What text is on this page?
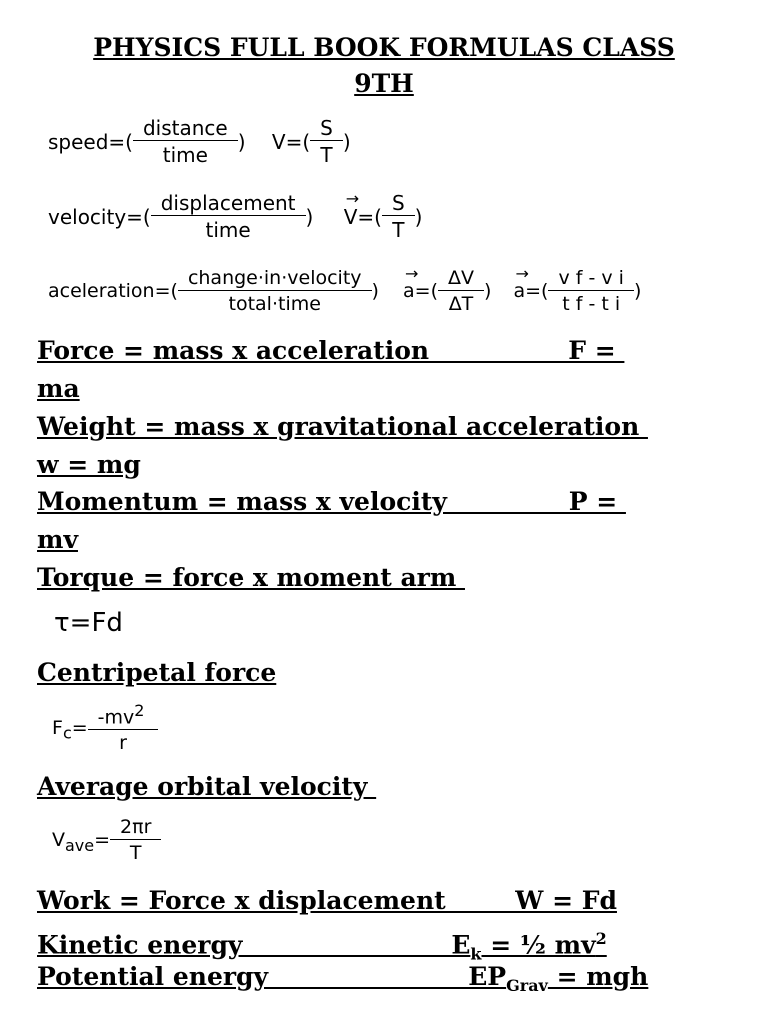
PHYSICS FULL BOOK FORMULAS CLASS
9TH
speed=( $\frac{\text{distance}}{\text{time}}$ ) $V=( \frac{S}{T}$ )
velocity=( $\frac{\text{displacement}}{\text{time}}$ ) V →=( $\frac{S}{T}$ )
aceleration=( $\frac{\text{change·in·velocity}}{\text{total·time}}$ ) a →=( $\frac{\Delta V}{\Delta T}$ ) a →=( $\frac{\text{v f - v i}}{\text{t f - t i}}$ )
Force = mass x acceleration                F =
ma
Weight = mass x gravitational acceleration
w = mg
Momentum = mass x velocity              P =
mv
Torque = force x moment arm
τ=Fd
Centripetal force
$F_c= \frac{-mv^2}{r}$
Average orbital velocity
$V_{ave}= \frac{2\pi r}{T}$
Work = Force x displacement        W = Fd
Kinetic energy                        $E_k$ = ½ $mv^2$
Potential energy                       $EP_{Grav}$ = mgh
